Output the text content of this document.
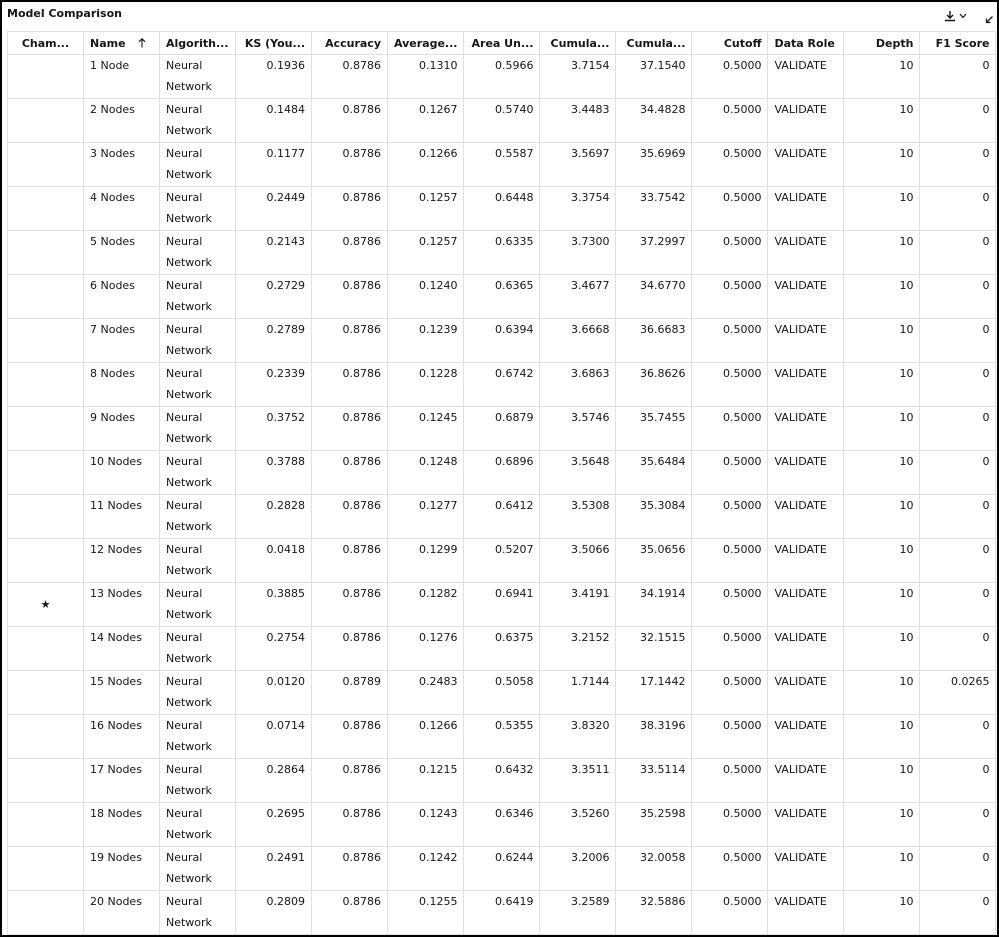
Model Comparison
Cham...	Name	Algorith...	KS (You...	Accuracy	Average...	Area Un...	Cumula...	Cumula...	Cutoff	Data Role	Depth	F1 Score
	1 Node	Neural Network	0.1936	0.8786	0.1310	0.5966	3.7154	37.1540	0.5000	VALIDATE	10	0
	2 Nodes	Neural Network	0.1484	0.8786	0.1267	0.5740	3.4483	34.4828	0.5000	VALIDATE	10	0
	3 Nodes	Neural Network	0.1177	0.8786	0.1266	0.5587	3.5697	35.6969	0.5000	VALIDATE	10	0
	4 Nodes	Neural Network	0.2449	0.8786	0.1257	0.6448	3.3754	33.7542	0.5000	VALIDATE	10	0
	5 Nodes	Neural Network	0.2143	0.8786	0.1257	0.6335	3.7300	37.2997	0.5000	VALIDATE	10	0
	6 Nodes	Neural Network	0.2729	0.8786	0.1240	0.6365	3.4677	34.6770	0.5000	VALIDATE	10	0
	7 Nodes	Neural Network	0.2789	0.8786	0.1239	0.6394	3.6668	36.6683	0.5000	VALIDATE	10	0
	8 Nodes	Neural Network	0.2339	0.8786	0.1228	0.6742	3.6863	36.8626	0.5000	VALIDATE	10	0
	9 Nodes	Neural Network	0.3752	0.8786	0.1245	0.6879	3.5746	35.7455	0.5000	VALIDATE	10	0
	10 Nodes	Neural Network	0.3788	0.8786	0.1248	0.6896	3.5648	35.6484	0.5000	VALIDATE	10	0
	11 Nodes	Neural Network	0.2828	0.8786	0.1277	0.6412	3.5308	35.3084	0.5000	VALIDATE	10	0
	12 Nodes	Neural Network	0.0418	0.8786	0.1299	0.5207	3.5066	35.0656	0.5000	VALIDATE	10	0
★	13 Nodes	Neural Network	0.3885	0.8786	0.1282	0.6941	3.4191	34.1914	0.5000	VALIDATE	10	0
	14 Nodes	Neural Network	0.2754	0.8786	0.1276	0.6375	3.2152	32.1515	0.5000	VALIDATE	10	0
	15 Nodes	Neural Network	0.0120	0.8789	0.2483	0.5058	1.7144	17.1442	0.5000	VALIDATE	10	0.0265
	16 Nodes	Neural Network	0.0714	0.8786	0.1266	0.5355	3.8320	38.3196	0.5000	VALIDATE	10	0
	17 Nodes	Neural Network	0.2864	0.8786	0.1215	0.6432	3.3511	33.5114	0.5000	VALIDATE	10	0
	18 Nodes	Neural Network	0.2695	0.8786	0.1243	0.6346	3.5260	35.2598	0.5000	VALIDATE	10	0
	19 Nodes	Neural Network	0.2491	0.8786	0.1242	0.6244	3.2006	32.0058	0.5000	VALIDATE	10	0
	20 Nodes	Neural Network	0.2809	0.8786	0.1255	0.6419	3.2589	32.5886	0.5000	VALIDATE	10	0
